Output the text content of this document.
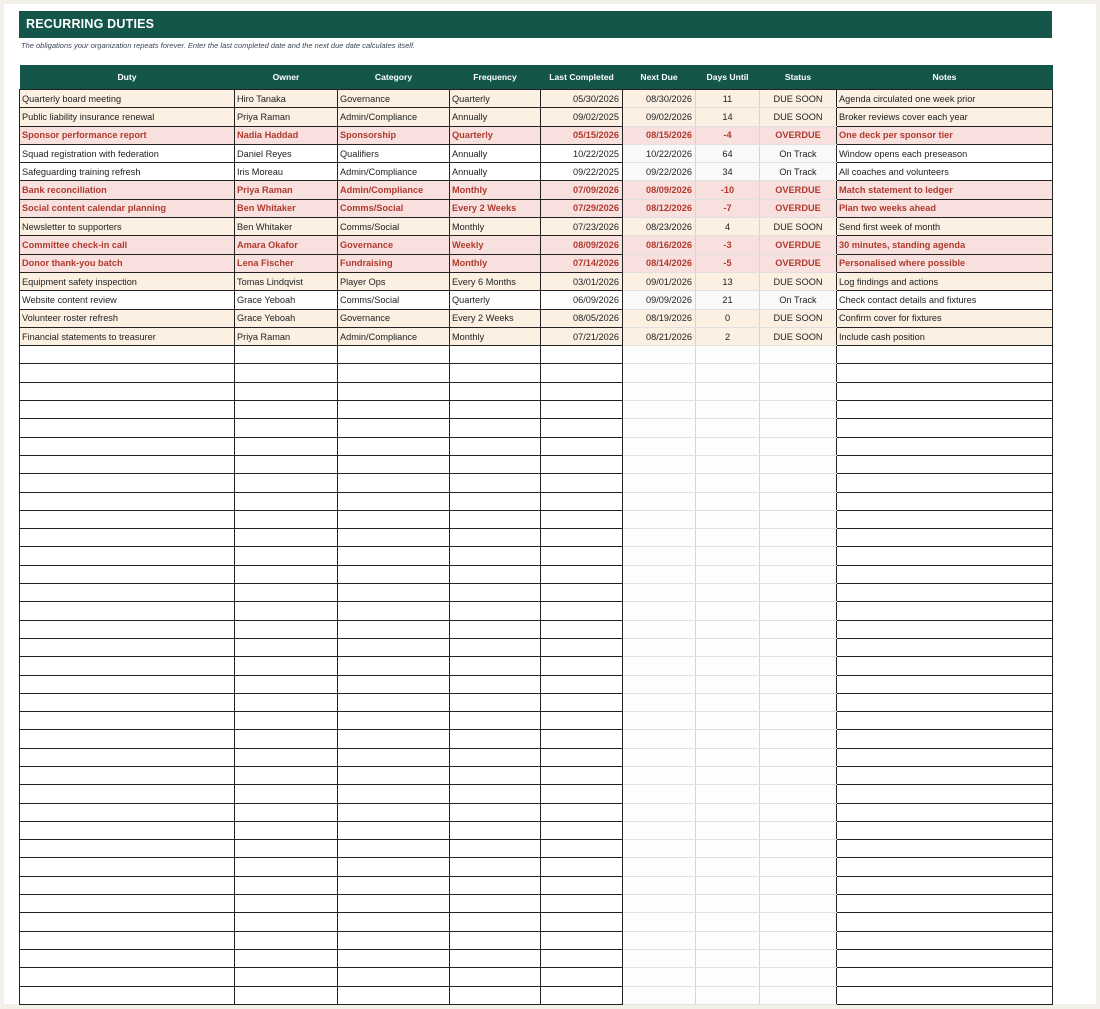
RECURRING DUTIES
The obligations your organization repeats forever. Enter the last completed date and the next due date calculates itself.
Duty	Owner	Category	Frequency	Last Completed	Next Due	Days Until	Status	Notes
Quarterly board meeting	Hiro Tanaka	Governance	Quarterly	05/30/2026	08/30/2026	11	DUE SOON	Agenda circulated one week prior
Public liability insurance renewal	Priya Raman	Admin/Compliance	Annually	09/02/2025	09/02/2026	14	DUE SOON	Broker reviews cover each year
Sponsor performance report	Nadia Haddad	Sponsorship	Quarterly	05/15/2026	08/15/2026	-4	OVERDUE	One deck per sponsor tier
Squad registration with federation	Daniel Reyes	Qualifiers	Annually	10/22/2025	10/22/2026	64	On Track	Window opens each preseason
Safeguarding training refresh	Iris Moreau	Admin/Compliance	Annually	09/22/2025	09/22/2026	34	On Track	All coaches and volunteers
Bank reconciliation	Priya Raman	Admin/Compliance	Monthly	07/09/2026	08/09/2026	-10	OVERDUE	Match statement to ledger
Social content calendar planning	Ben Whitaker	Comms/Social	Every 2 Weeks	07/29/2026	08/12/2026	-7	OVERDUE	Plan two weeks ahead
Newsletter to supporters	Ben Whitaker	Comms/Social	Monthly	07/23/2026	08/23/2026	4	DUE SOON	Send first week of month
Committee check-in call	Amara Okafor	Governance	Weekly	08/09/2026	08/16/2026	-3	OVERDUE	30 minutes, standing agenda
Donor thank-you batch	Lena Fischer	Fundraising	Monthly	07/14/2026	08/14/2026	-5	OVERDUE	Personalised where possible
Equipment safety inspection	Tomas Lindqvist	Player Ops	Every 6 Months	03/01/2026	09/01/2026	13	DUE SOON	Log findings and actions
Website content review	Grace Yeboah	Comms/Social	Quarterly	06/09/2026	09/09/2026	21	On Track	Check contact details and fixtures
Volunteer roster refresh	Grace Yeboah	Governance	Every 2 Weeks	08/05/2026	08/19/2026	0	DUE SOON	Confirm cover for fixtures
Financial statements to treasurer	Priya Raman	Admin/Compliance	Monthly	07/21/2026	08/21/2026	2	DUE SOON	Include cash position
